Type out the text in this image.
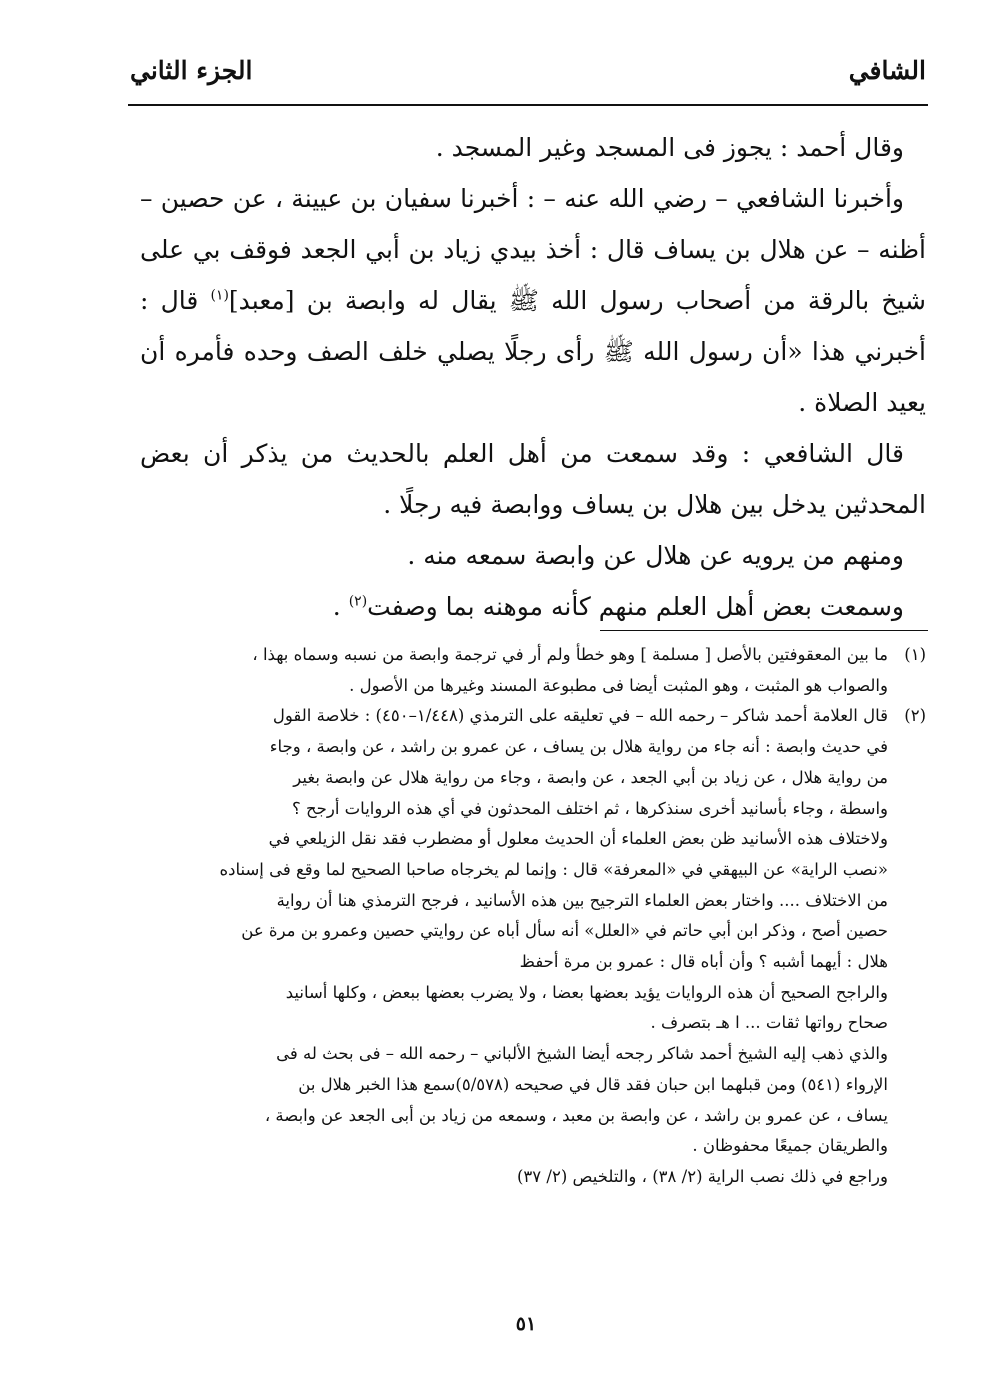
الشافي
الجزء الثاني

وقال أحمد : يجوز فى المسجد وغير المسجد .

وأخبرنا الشافعي – رضي الله عنه – : أخبرنا سفيان بن عيينة ، عن حصين – أظنه – عن هلال بن يساف قال : أخذ بيدي زياد بن أبي الجعد فوقف بي على شيخ بالرقة من أصحاب رسول الله ﷺ يقال له وابصة بن [معبد]$^{(١)}$ قال : أخبرني هذا «أن رسول الله ﷺ رأى رجلًا يصلي خلف الصف وحده فأمره أن يعيد الصلاة .

قال الشافعي : وقد سمعت من أهل العلم بالحديث من يذكر أن بعض المحدثين يدخل بين هلال بن يساف ووابصة فيه رجلًا .

ومنهم من يرويه عن هلال عن وابصة سمعه منه .

وسمعت بعض أهل العلم منهم كأنه موهنه بما وصفت$^{(٢)}$ .

(١)ما بين المعقوفتين بالأصل [ مسلمة ] وهو خطأ ولم أر في ترجمة وابصة من نسبه وسماه بهذا ،

والصواب هو المثبت ، وهو المثبت أيضا فى مطبوعة المسند وغيرها من الأصول .

(٢)قال العلامة أحمد شاكر – رحمه الله – في تعليقه على الترمذي (١/٤٤٨–٤٥٠) : خلاصة القول

في حديث وابصة : أنه جاء من رواية هلال بن يساف ، عن عمرو بن راشد ، عن وابصة ، وجاء

من رواية هلال ، عن زياد بن أبي الجعد ، عن وابصة ، وجاء من رواية هلال عن وابصة بغير

واسطة ، وجاء بأسانيد أخرى سنذكرها ، ثم اختلف المحدثون في أي هذه الروايات أرجح ؟

ولاختلاف هذه الأسانيد ظن بعض العلماء أن الحديث معلول أو مضطرب فقد نقل الزيلعي في

«نصب الراية» عن البيهقي في «المعرفة» قال : وإنما لم يخرجاه صاحبا الصحيح لما وقع فى إسناده

من الاختلاف .... واختار بعض العلماء الترجيح بين هذه الأسانيد ، فرجح الترمذي هنا أن رواية

حصين أصح ، وذكر ابن أبي حاتم في «العلل» أنه سأل أباه عن روايتي حصين وعمرو بن مرة عن

هلال : أيهما أشبه ؟ وأن أباه قال : عمرو بن مرة أحفظ

والراجح الصحيح أن هذه الروايات يؤيد بعضها بعضا ، ولا يضرب بعضها ببعض ، وكلها أسانيد

صحاح رواتها ثقات ... ا هـ بتصرف .

والذي ذهب إليه الشيخ أحمد شاكر رجحه أيضا الشيخ الألباني – رحمه الله – فى بحث له فى

الإرواء (٥٤١) ومن قبلهما ابن حبان فقد قال في صحيحه (٥/٥٧٨)سمع هذا الخبر هلال بن

يساف ، عن عمرو بن راشد ، عن وابصة بن معبد ، وسمعه من زياد بن أبى الجعد عن وابصة ،

والطريقان جميعًا محفوظان .

وراجع في ذلك نصب الراية (٢/ ٣٨) ، والتلخيص (٢/ ٣٧)

٥١
